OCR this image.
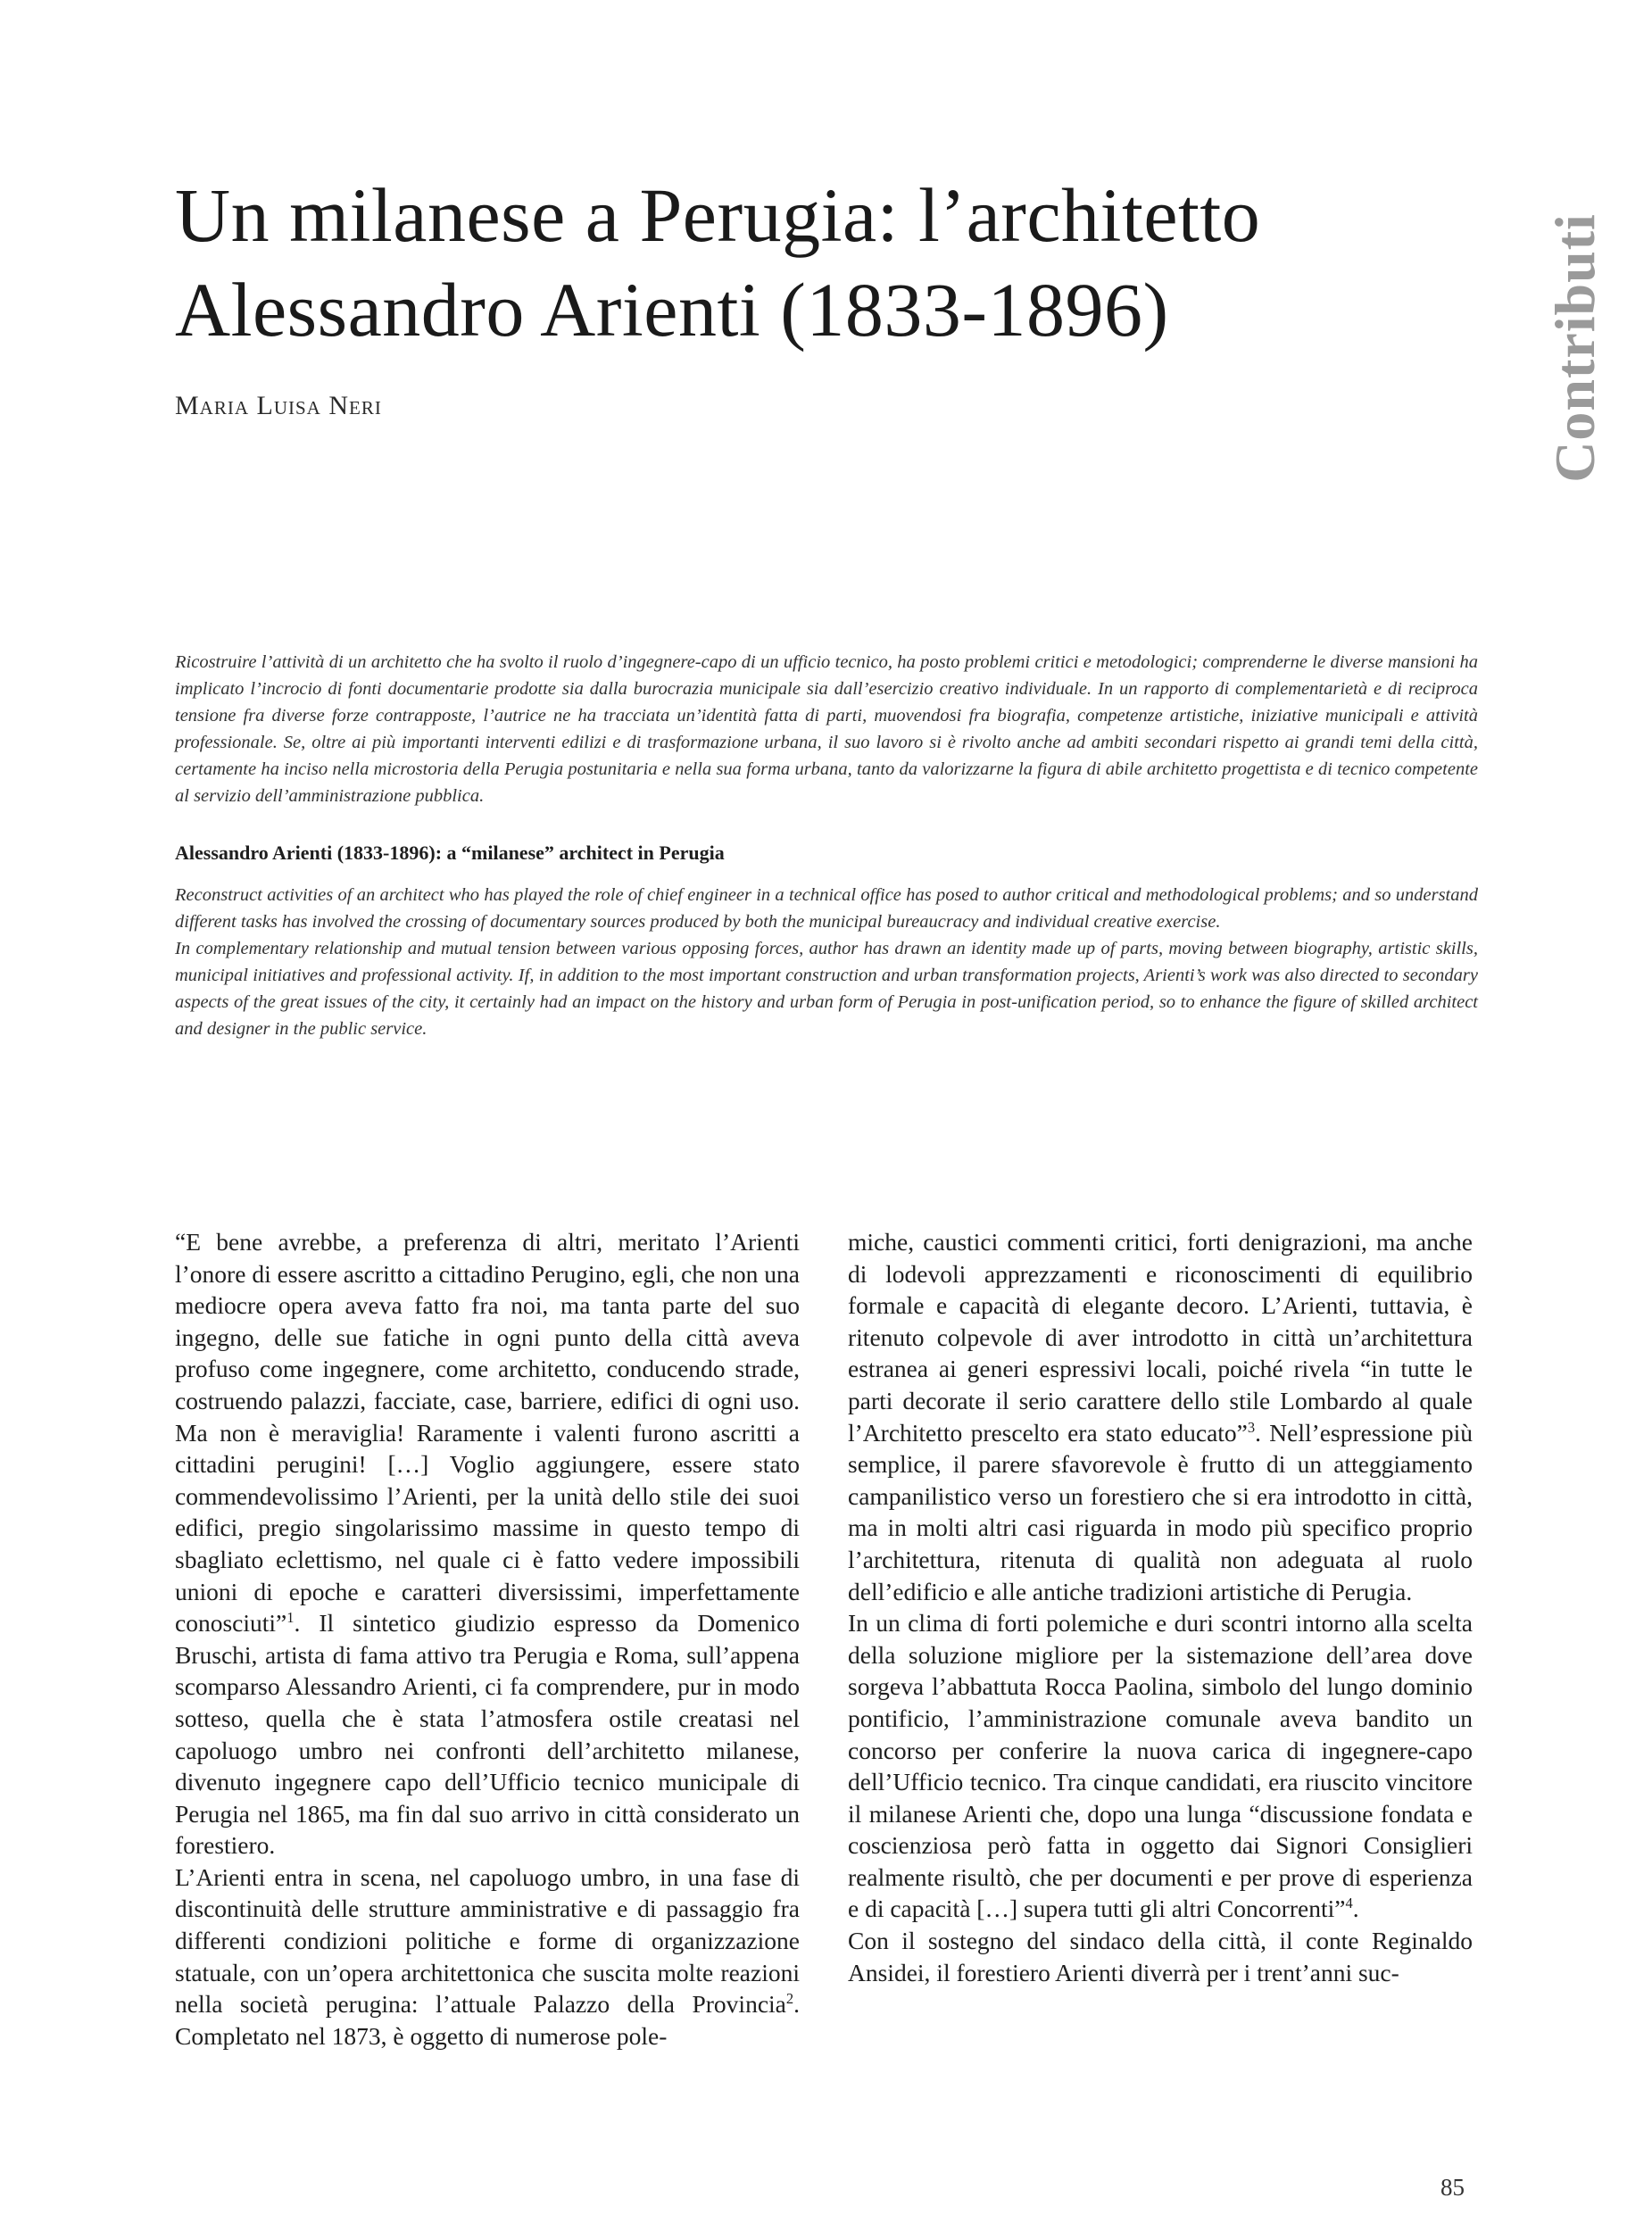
Un milanese a Perugia: l’architetto
Alessandro Arienti (1833-1896)
Maria Luisa Neri	Contributi

Ricostruire l’attività di un architetto che ha svolto il ruolo d’ingegnere-capo di un ufficio tecnico, ha posto problemi critici e metodologici; comprenderne le diverse mansioni ha implicato l’incrocio di fonti documentarie prodotte sia dalla burocrazia municipale sia dall’esercizio creativo individuale. In un rapporto di complementarietà e di reciproca tensione fra diverse forze contrapposte, l’autrice ne ha tracciata un’identità fatta di parti, muovendosi fra biografia, competenze artistiche, iniziative municipali e attività professionale. Se, oltre ai più importanti interventi edilizi e di trasformazione urbana, il suo lavoro si è rivolto anche ad ambiti secondari rispetto ai grandi temi della città, certamente ha inciso nella microstoria della Perugia postunitaria e nella sua forma urbana, tanto da valorizzarne la figura di abile architetto progettista e di tecnico competente al servizio dell’amministrazione pubblica.

Alessandro Arienti (1833-1896): a “milanese” architect in Perugia

Reconstruct activities of an architect who has played the role of chief engineer in a technical office has posed to author critical and methodological problems; and so understand different tasks has involved the crossing of documentary sources produced by both the municipal bureaucracy and individual creative exercise.

In complementary relationship and mutual tension between various opposing forces, author has drawn an identity made up of parts, moving between biography, artistic skills, municipal initiatives and professional activity. If, in addition to the most important construction and urban transformation projects, Arienti’s work was also directed to secondary aspects of the great issues of the city, it certainly had an impact on the history and urban form of Perugia in post-unification period, so to enhance the figure of skilled architect and designer in the public service.

“E bene avrebbe, a preferenza di altri, meritato l’Arienti l’onore di essere ascritto a cittadino Perugino, egli, che non una mediocre opera aveva fatto fra noi, ma tanta parte del suo ingegno, delle sue fatiche in ogni punto della città aveva profuso come ingegnere, come architetto, conducendo strade, costruendo palazzi, facciate, case, barriere, edifici di ogni uso. Ma non è meraviglia! Raramente i valenti furono ascritti a cittadini perugini! […] Voglio aggiungere, essere stato commendevolissimo l’Arienti, per la unità dello stile dei suoi edifici, pregio singolarissimo massime in questo tempo di sbagliato eclettismo, nel quale ci è fatto vedere impossibili unioni di epoche e caratteri diversissimi, imperfettamente conosciuti”$^1$. Il sintetico giudizio espresso da Domenico Bruschi, artista di fama attivo tra Perugia e Roma, sull’appena scomparso Alessandro Arienti, ci fa comprendere, pur in modo sotteso, quella che è stata l’atmosfera ostile creatasi nel capoluogo umbro nei confronti dell’architetto milanese, divenuto ingegnere capo dell’Ufficio tecnico municipale di Perugia nel 1865, ma fin dal suo arrivo in città considerato un forestiero.

L’Arienti entra in scena, nel capoluogo umbro, in una fase di discontinuità delle strutture amministrative e di passaggio fra differenti condizioni politiche e forme di organizzazione statuale, con un’opera architettonica che suscita molte reazioni nella società perugina: l’attuale Palazzo della Provincia$^2$. Completato nel 1873, è oggetto di numerose pole-

miche, caustici commenti critici, forti denigrazioni, ma anche di lodevoli apprezzamenti e riconoscimenti di equilibrio formale e capacità di elegante decoro. L’Arienti, tuttavia, è ritenuto colpevole di aver introdotto in città un’architettura estranea ai generi espressivi locali, poiché rivela “in tutte le parti decorate il serio carattere dello stile Lombardo al quale l’Architetto prescelto era stato educato”$^3$. Nell’espressione più semplice, il parere sfavorevole è frutto di un atteggiamento campanilistico verso un forestiero che si era introdotto in città, ma in molti altri casi riguarda in modo più specifico proprio l’architettura, ritenuta di qualità non adeguata al ruolo dell’edificio e alle antiche tradizioni artistiche di Perugia.

In un clima di forti polemiche e duri scontri intorno alla scelta della soluzione migliore per la sistemazione dell’area dove sorgeva l’abbattuta Rocca Paolina, simbolo del lungo dominio pontificio, l’amministrazione comunale aveva bandito un concorso per conferire la nuova carica di ingegnere-capo dell’Ufficio tecnico. Tra cinque candidati, era riuscito vincitore il milanese Arienti che, dopo una lunga “discussione fondata e coscienziosa però fatta in oggetto dai Signori Consiglieri realmente risultò, che per documenti e per prove di esperienza e di capacità […] supera tutti gli altri Concorrenti”$^4$.

Con il sostegno del sindaco della città, il conte Reginaldo Ansidei, il forestiero Arienti diverrà per i trent’anni suc-

85
